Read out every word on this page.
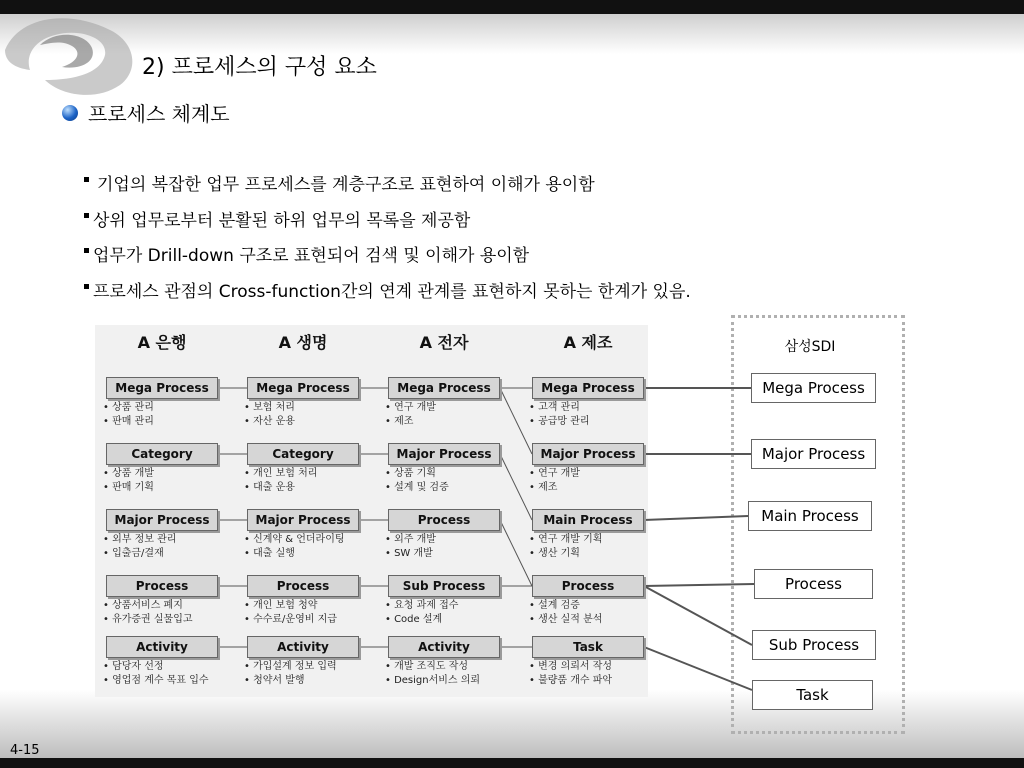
2) 프로세스의 구성 요소
프로세스 체계도
기업의 복잡한 업무 프로세스를 계층구조로 표현하여 이해가 용이함
상위 업무로부터 분활된 하위 업무의 목록을 제공함
업무가 Drill-down 구조로 표현되어 검색 및 이해가 용이함
프로세스 관점의 Cross-function간의 연계 관계를 표현하지 못하는 한계가 있음.
삼성SDI
A 은행
Mega Process
• 상품 관리
• 판매 관리
Category
• 상품 개발
• 판매 기획
Major Process
• 외부 정보 관리
• 입출금/결재
Process
• 상품서비스 폐지
• 유가증권 실물입고
Activity
• 담당자 선정
• 영업점 계수 목표 입수
A 생명
Mega Process
• 보험 처리
• 자산 운용
Category
• 개인 보험 처리
• 대출 운용
Major Process
• 신계약 & 언더라이팅
• 대출 실행
Process
• 개인 보험 청약
• 수수료/운영비 지급
Activity
• 가입설계 정보 입력
• 청약서 발행
A 전자
Mega Process
• 연구 개발
• 제조
Major Process
• 상품 기획
• 설계 및 검증
Process
• 외주 개발
• SW 개발
Sub Process
• 요청 과제 접수
• Code 설계
Activity
• 개발 조직도 작성
• Design서비스 의뢰
A 제조
Mega Process
• 고객 관리
• 공급망 관리
Major Process
• 연구 개발
• 제조
Main Process
• 연구 개발 기획
• 생산 기획
Process
• 설계 검증
• 생산 실적 분석
Task
• 변경 의뢰서 작성
• 불량품 개수 파악
Mega Process
Major Process
Main Process
Process
Sub Process
Task
4-15
